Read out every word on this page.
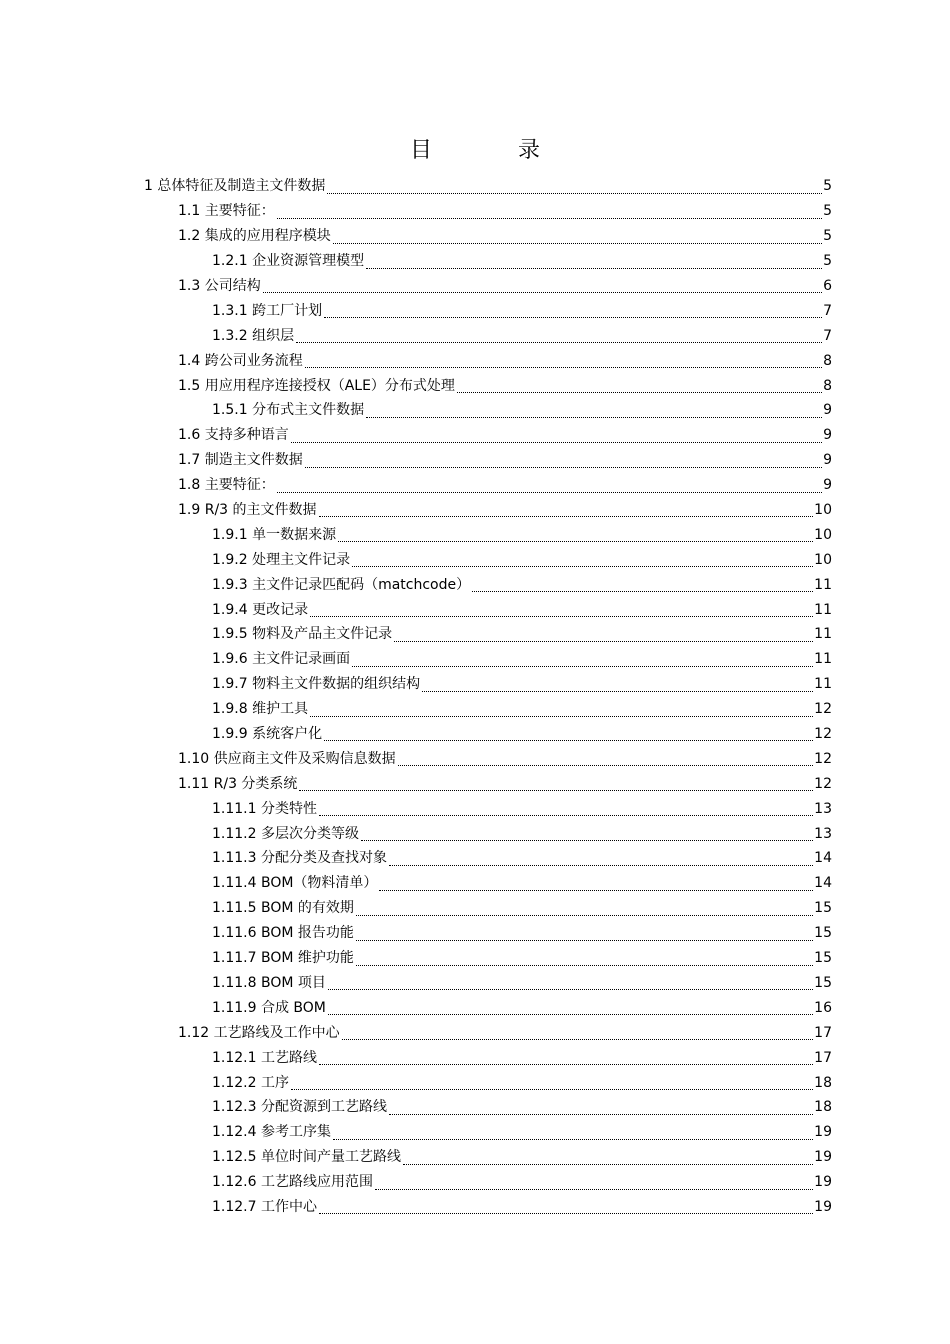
目	录
1 总体特征及制造主文件数据	5
1.1 主要特征：	5
1.2 集成的应用程序模块	5
1.2.1 企业资源管理模型	5
1.3 公司结构	6
1.3.1 跨工厂计划	7
1.3.2 组织层	7
1.4 跨公司业务流程	8
1.5 用应用程序连接授权（ALE）分布式处理	8
1.5.1 分布式主文件数据	9
1.6 支持多种语言	9
1.7 制造主文件数据	9
1.8 主要特征：	9
1.9 R/3 的主文件数据	10
1.9.1 单一数据来源	10
1.9.2 处理主文件记录	10
1.9.3 主文件记录匹配码（matchcode）	11
1.9.4 更改记录	11
1.9.5 物料及产品主文件记录	11
1.9.6 主文件记录画面	11
1.9.7 物料主文件数据的组织结构	11
1.9.8 维护工具	12
1.9.9 系统客户化	12
1.10 供应商主文件及采购信息数据	12
1.11 R/3 分类系统	12
1.11.1 分类特性	13
1.11.2 多层次分类等级	13
1.11.3 分配分类及查找对象	14
1.11.4 BOM（物料清单）	14
1.11.5 BOM 的有效期	15
1.11.6 BOM 报告功能	15
1.11.7 BOM 维护功能	15
1.11.8 BOM 项目	15
1.11.9 合成 BOM	16
1.12 工艺路线及工作中心	17
1.12.1 工艺路线	17
1.12.2 工序	18
1.12.3 分配资源到工艺路线	18
1.12.4 参考工序集	19
1.12.5 单位时间产量工艺路线	19
1.12.6 工艺路线应用范围	19
1.12.7 工作中心	19
